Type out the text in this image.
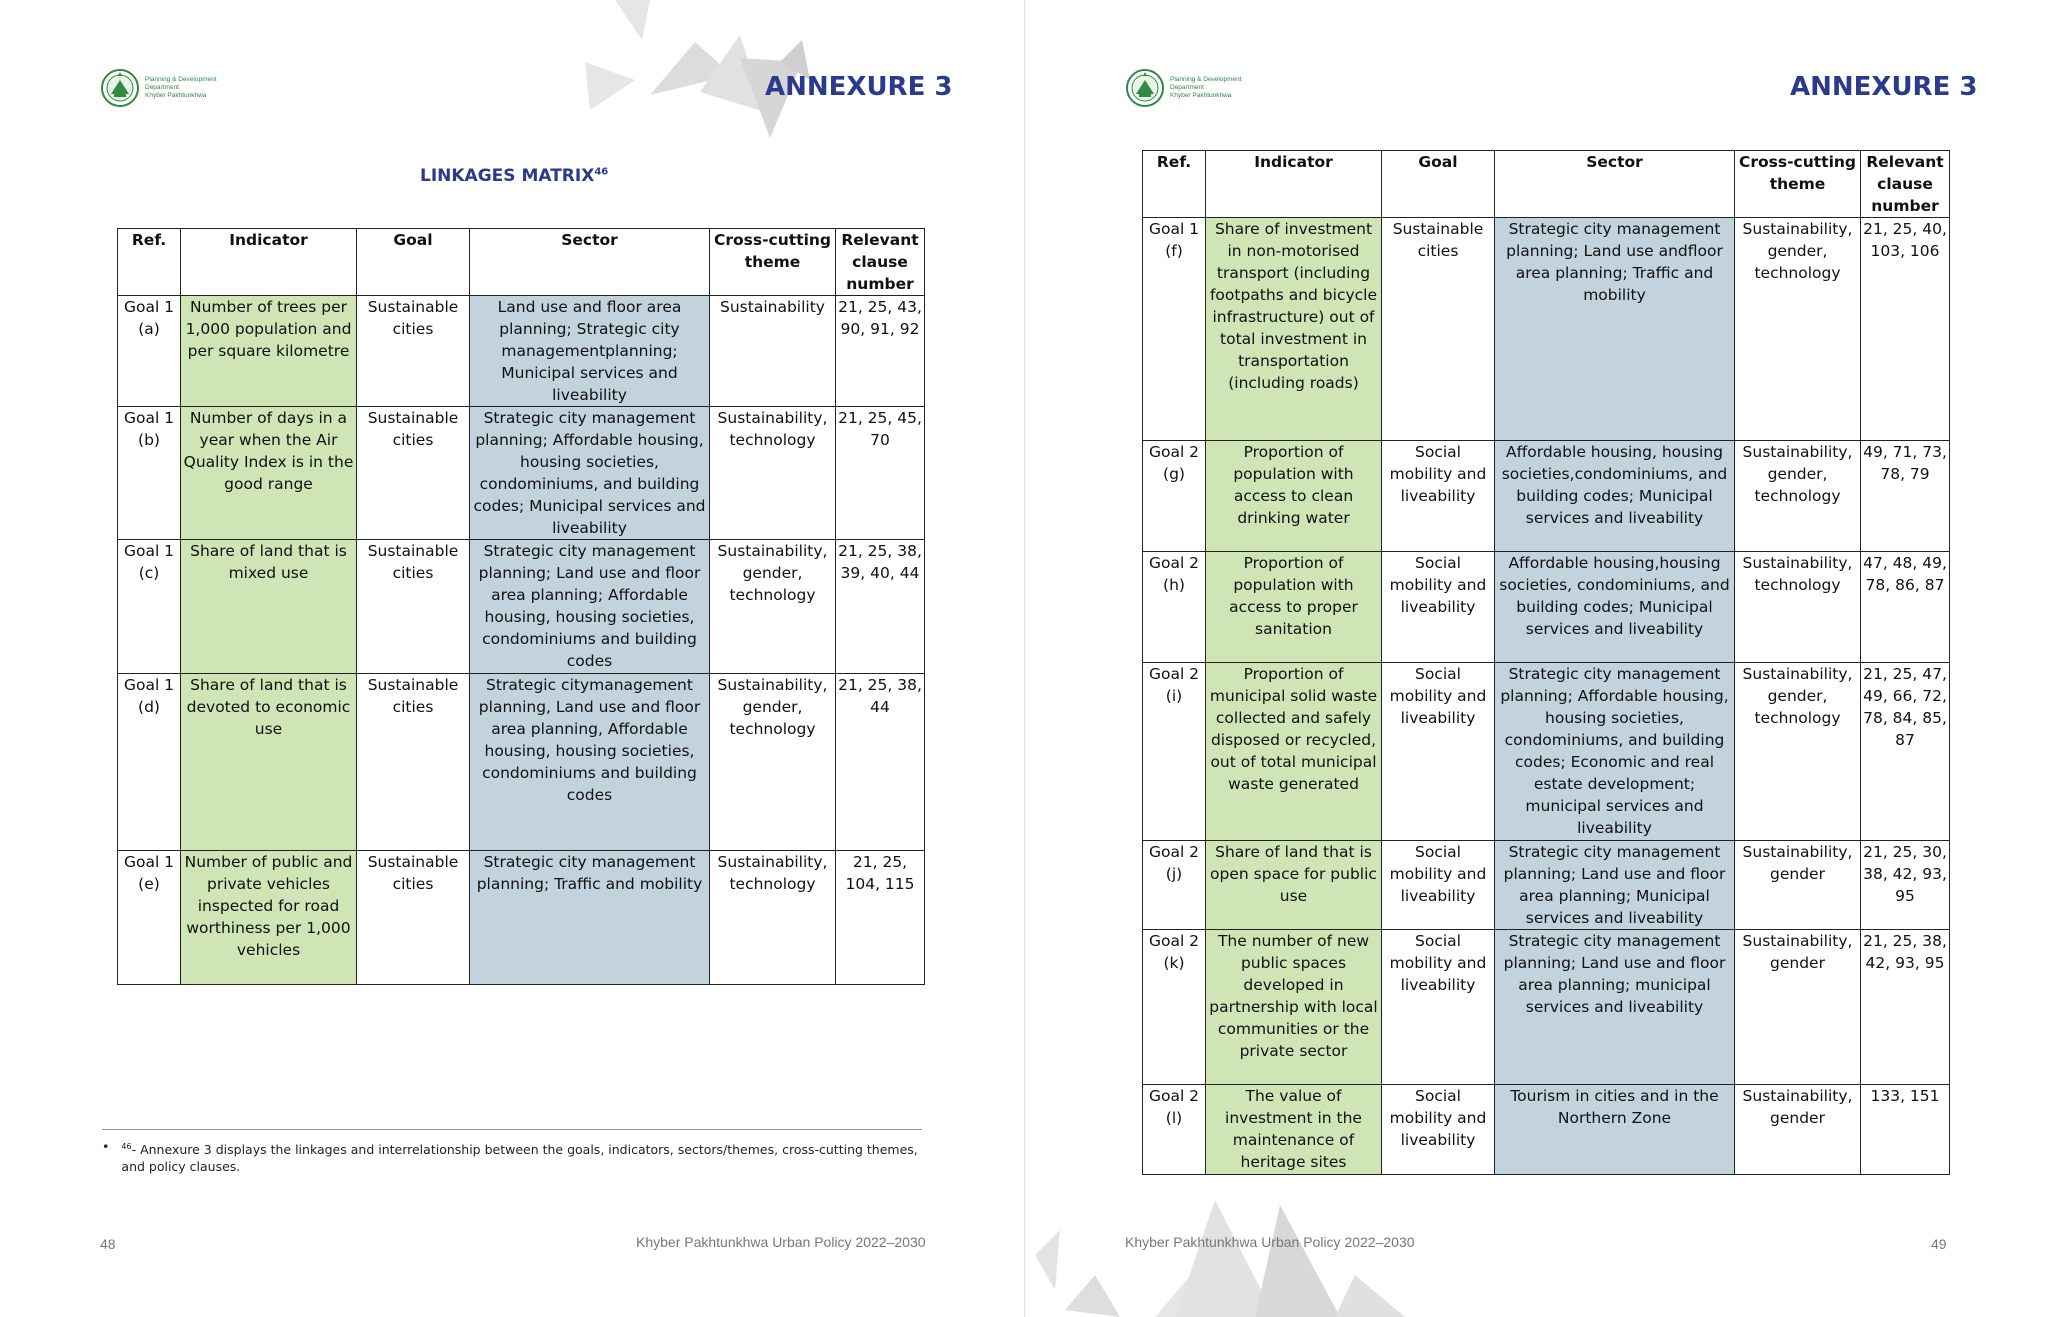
Planning & Development
Department
Khyber Pakhtunkhwa	ANNEXURE 3
LINKAGES MATRIX$^{46}$
Ref.	Indicator	Goal	Sector	Cross-cutting theme	Relevant clause number
Goal 1 (a)	Number of trees per 1,000 population and per square kilometre	Sustainable cities	Land use and floor area planning; Strategic city managementplanning; Municipal services and liveability	Sustainability	21, 25, 43, 90, 91, 92
Goal 1 (b)	Number of days in a year when the Air Quality Index is in the good range	Sustainable cities	Strategic city management planning; Affordable housing, housing societies, condominiums, and building codes; Municipal services and liveability	Sustainability, technology	21, 25, 45, 70
Goal 1 (c)	Share of land that is mixed use	Sustainable cities	Strategic city management planning; Land use and floor area planning; Affordable housing, housing societies, condominiums and building codes	Sustainability, gender, technology	21, 25, 38, 39, 40, 44
Goal 1 (d)	Share of land that is devoted to economic use	Sustainable cities	Strategic citymanagement planning, Land use and floor area planning, Affordable housing, housing societies, condominiums and building codes	Sustainability, gender, technology	21, 25, 38, 44
Goal 1 (e)	Number of public and private vehicles inspected for road worthiness per 1,000 vehicles	Sustainable cities	Strategic city management planning; Traffic and mobility	Sustainability, technology	21, 25, 104, 115
•	$^{46}$- Annexure 3 displays the linkages and interrelationship between the goals, indicators, sectors/themes, cross-cutting themes, and policy clauses.
48	Khyber Pakhtunkhwa Urban Policy 2022–2030
Planning & Development
Department
Khyber Pakhtunkhwa	ANNEXURE 3
Ref.	Indicator	Goal	Sector	Cross-cutting theme	Relevant clause number
Goal 1 (f)	Share of investment in non-motorised transport (including footpaths and bicycle infrastructure) out of total investment in transportation (including roads)	Sustainable cities	Strategic city management planning; Land use andfloor area planning; Traffic and mobility	Sustainability, gender, technology	21, 25, 40, 103, 106
Goal 2 (g)	Proportion of population with access to clean drinking water	Social mobility and liveability	Affordable housing, housing societies,condominiums, and building codes; Municipal services and liveability	Sustainability, gender, technology	49, 71, 73, 78, 79
Goal 2 (h)	Proportion of population with access to proper sanitation	Social mobility and liveability	Affordable housing,housing societies, condominiums, and building codes; Municipal services and liveability	Sustainability, technology	47, 48, 49, 78, 86, 87
Goal 2 (i)	Proportion of municipal solid waste collected and safely disposed or recycled, out of total municipal waste generated	Social mobility and liveability	Strategic city management planning; Affordable housing, housing societies, condominiums, and building codes; Economic and real estate development; municipal services and liveability	Sustainability, gender, technology	21, 25, 47, 49, 66, 72, 78, 84, 85, 87
Goal 2 (j)	Share of land that is open space for public use	Social mobility and liveability	Strategic city management planning; Land use and floor area planning; Municipal services and liveability	Sustainability, gender	21, 25, 30, 38, 42, 93, 95
Goal 2 (k)	The number of new public spaces developed in partnership with local communities or the private sector	Social mobility and liveability	Strategic city management planning; Land use and floor area planning; municipal services and liveability	Sustainability, gender	21, 25, 38, 42, 93, 95
Goal 2 (l)	The value of investment in the maintenance of heritage sites	Social mobility and liveability	Tourism in cities and in the Northern Zone	Sustainability, gender	133, 151
Khyber Pakhtunkhwa Urban Policy 2022–2030	49
